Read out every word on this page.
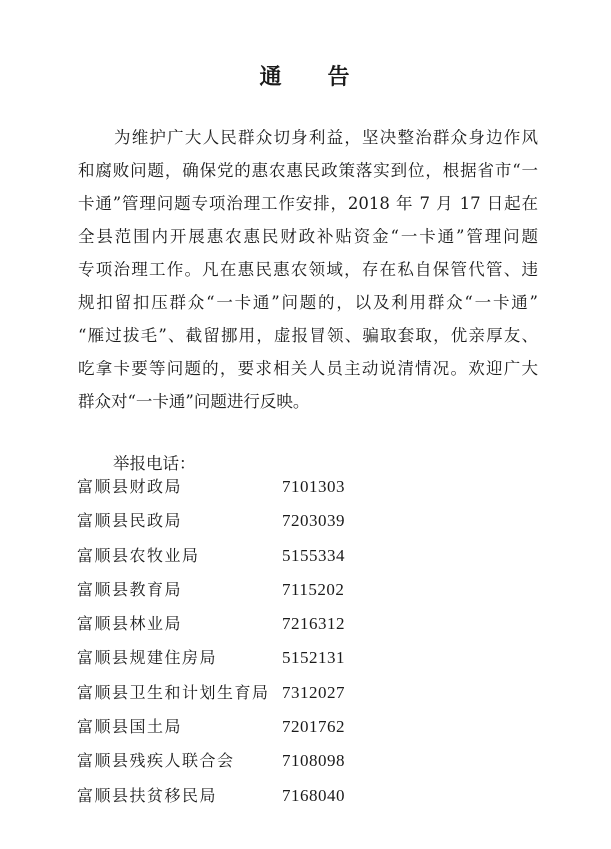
通 告
为维护广大人民群众切身利益，坚决整治群众身边作风
和腐败问题，确保党的惠农惠民政策落实到位，根据省市“一
卡通”管理问题专项治理工作安排，2018 年 7 月 17 日起在
全县范围内开展惠农惠民财政补贴资金“一卡通”管理问题
专项治理工作。凡在惠民惠农领域，存在私自保管代管、违
规扣留扣压群众“一卡通”问题的，以及利用群众“一卡通”
“雁过拔毛”、截留挪用，虚报冒领、骗取套取，优亲厚友、
吃拿卡要等问题的，要求相关人员主动说清情况。欢迎广大
群众对“一卡通”问题进行反映。
举报电话：
富顺县财政局	7101303
富顺县民政局	7203039
富顺县农牧业局	5155334
富顺县教育局	7115202
富顺县林业局	7216312
富顺县规建住房局	5152131
富顺县卫生和计划生育局 7312027
富顺县国土局	7201762
富顺县残疾人联合会	7108098
富顺县扶贫移民局	7168040
